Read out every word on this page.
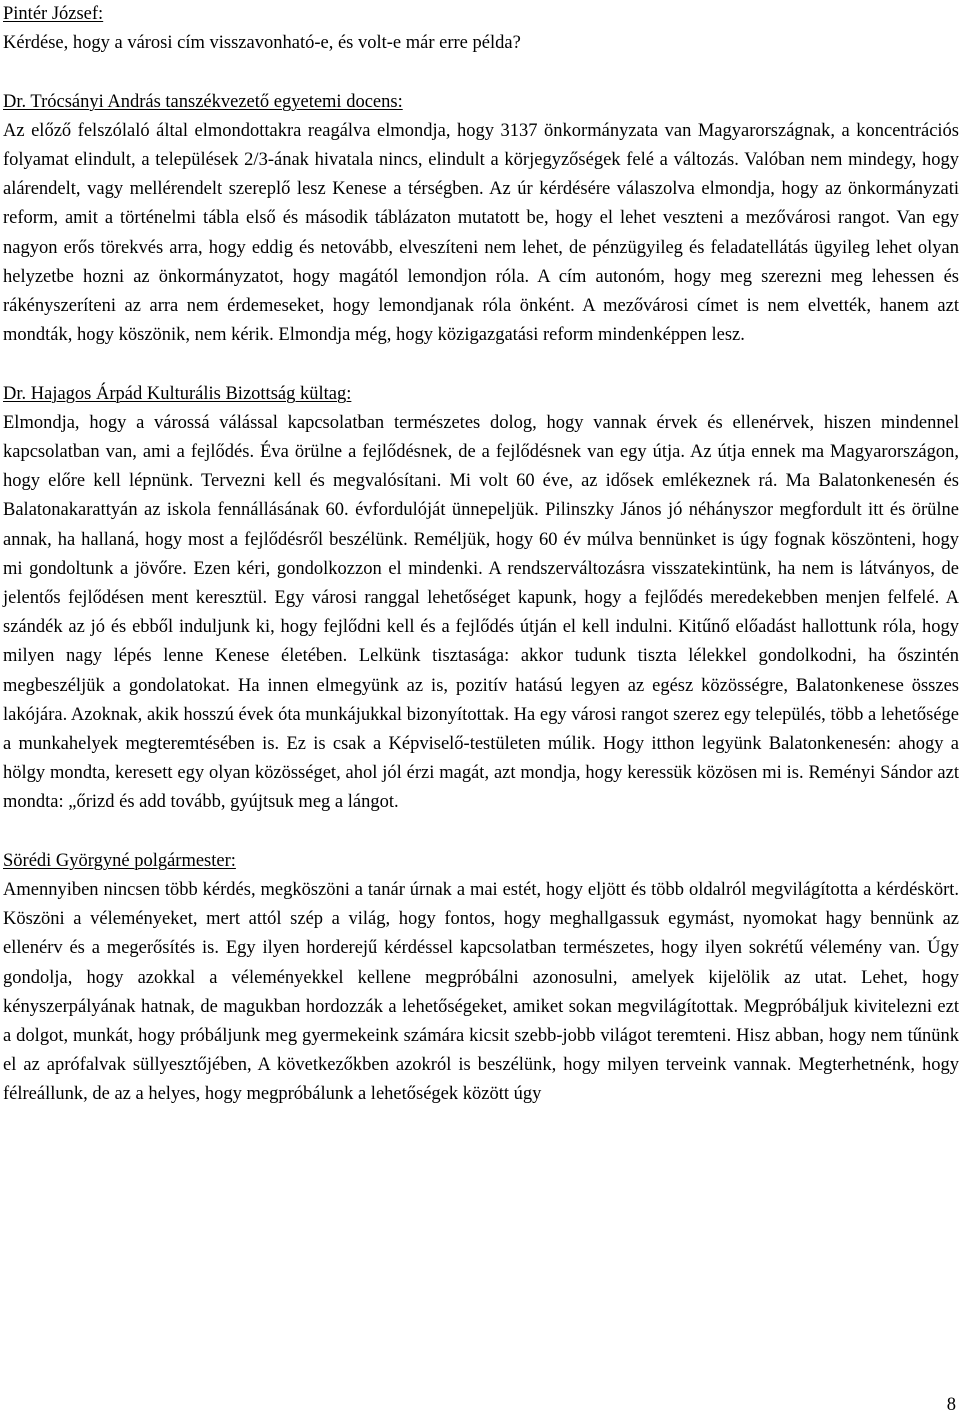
Pintér József:

Kérdése, hogy a városi cím visszavonható-e, és volt-e már erre példa?

Dr. Trócsányi András tanszékvezető egyetemi docens:

Az előző felszólaló által elmondottakra reagálva elmondja, hogy 3137 önkormányzata van Magyarországnak, a koncentrációs folyamat elindult, a települések 2/3-ának hivatala nincs, elindult a körjegyzőségek felé a változás. Valóban nem mindegy, hogy alárendelt, vagy mellérendelt szereplő lesz Kenese a térségben. Az úr kérdésére válaszolva elmondja, hogy az önkormányzati reform, amit a történelmi tábla első és második táblázaton mutatott be, hogy el lehet veszteni a mezővárosi rangot. Van egy nagyon erős törekvés arra, hogy eddig és netovább, elveszíteni nem lehet, de pénzügyileg és feladatellátás ügyileg lehet olyan helyzetbe hozni az önkormányzatot, hogy magától lemondjon róla. A cím autonóm, hogy meg szerezni meg lehessen és rákényszeríteni az arra nem érdemeseket, hogy lemondjanak róla önként. A mezővárosi címet is nem elvették, hanem azt mondták, hogy köszönik, nem kérik. Elmondja még, hogy közigazgatási reform mindenképpen lesz.

Dr. Hajagos Árpád Kulturális Bizottság kültag:

Elmondja, hogy a várossá válással kapcsolatban természetes dolog, hogy vannak érvek és ellenérvek, hiszen mindennel kapcsolatban van, ami a fejlődés. Éva örülne a fejlődésnek, de a fejlődésnek van egy útja. Az útja ennek ma Magyarországon, hogy előre kell lépnünk. Tervezni kell és megvalósítani. Mi volt 60 éve, az idősek emlékeznek rá. Ma Balatonkenesén és Balatonakarattyán az iskola fennállásának 60. évfordulóját ünnepeljük. Pilinszky János jó néhányszor megfordult itt és örülne annak, ha hallaná, hogy most a fejlődésről beszélünk. Reméljük, hogy 60 év múlva bennünket is úgy fognak köszönteni, hogy mi gondoltunk a jövőre. Ezen kéri, gondolkozzon el mindenki. A rendszerváltozásra visszatekintünk, ha nem is látványos, de jelentős fejlődésen ment keresztül. Egy városi ranggal lehetőséget kapunk, hogy a fejlődés meredekebben menjen felfelé. A szándék az jó és ebből induljunk ki, hogy fejlődni kell és a fejlődés útján el kell indulni. Kitűnő előadást hallottunk róla, hogy milyen nagy lépés lenne Kenese életében. Lelkünk tisztasága: akkor tudunk tiszta lélekkel gondolkodni, ha őszintén megbeszéljük a gondolatokat. Ha innen elmegyünk az is, pozitív hatású legyen az egész közösségre, Balatonkenese összes lakójára. Azoknak, akik hosszú évek óta munkájukkal bizonyítottak. Ha egy városi rangot szerez egy település, több a lehetősége a munkahelyek megteremtésében is. Ez is csak a Képviselő-testületen múlik. Hogy itthon legyünk Balatonkenesén: ahogy a hölgy mondta, keresett egy olyan közösséget, ahol jól érzi magát, azt mondja, hogy keressük közösen mi is. Reményi Sándor azt mondta: „őrizd és add tovább, gyújtsuk meg a lángot.

Sörédi Györgyné polgármester:

Amennyiben nincsen több kérdés, megköszöni a tanár úrnak a mai estét, hogy eljött és több oldalról megvilágította a kérdéskört. Köszöni a véleményeket, mert attól szép a világ, hogy fontos, hogy meghallgassuk egymást, nyomokat hagy bennünk az ellenérv és a megerősítés is. Egy ilyen horderejű kérdéssel kapcsolatban természetes, hogy ilyen sokrétű vélemény van. Úgy gondolja, hogy azokkal a véleményekkel kellene megpróbálni azonosulni, amelyek kijelölik az utat. Lehet, hogy kényszerpályának hatnak, de magukban hordozzák a lehetőségeket, amiket sokan megvilágítottak. Megpróbáljuk kivitelezni ezt a dolgot, munkát, hogy próbáljunk meg gyermekeink számára kicsit szebb-jobb világot teremteni. Hisz abban, hogy nem tűnünk el az aprófalvak süllyesztőjében, A következőkben azokról is beszélünk, hogy milyen terveink vannak. Megterhetnénk, hogy félreállunk, de az a helyes, hogy megpróbálunk a lehetőségek között úgy

8
